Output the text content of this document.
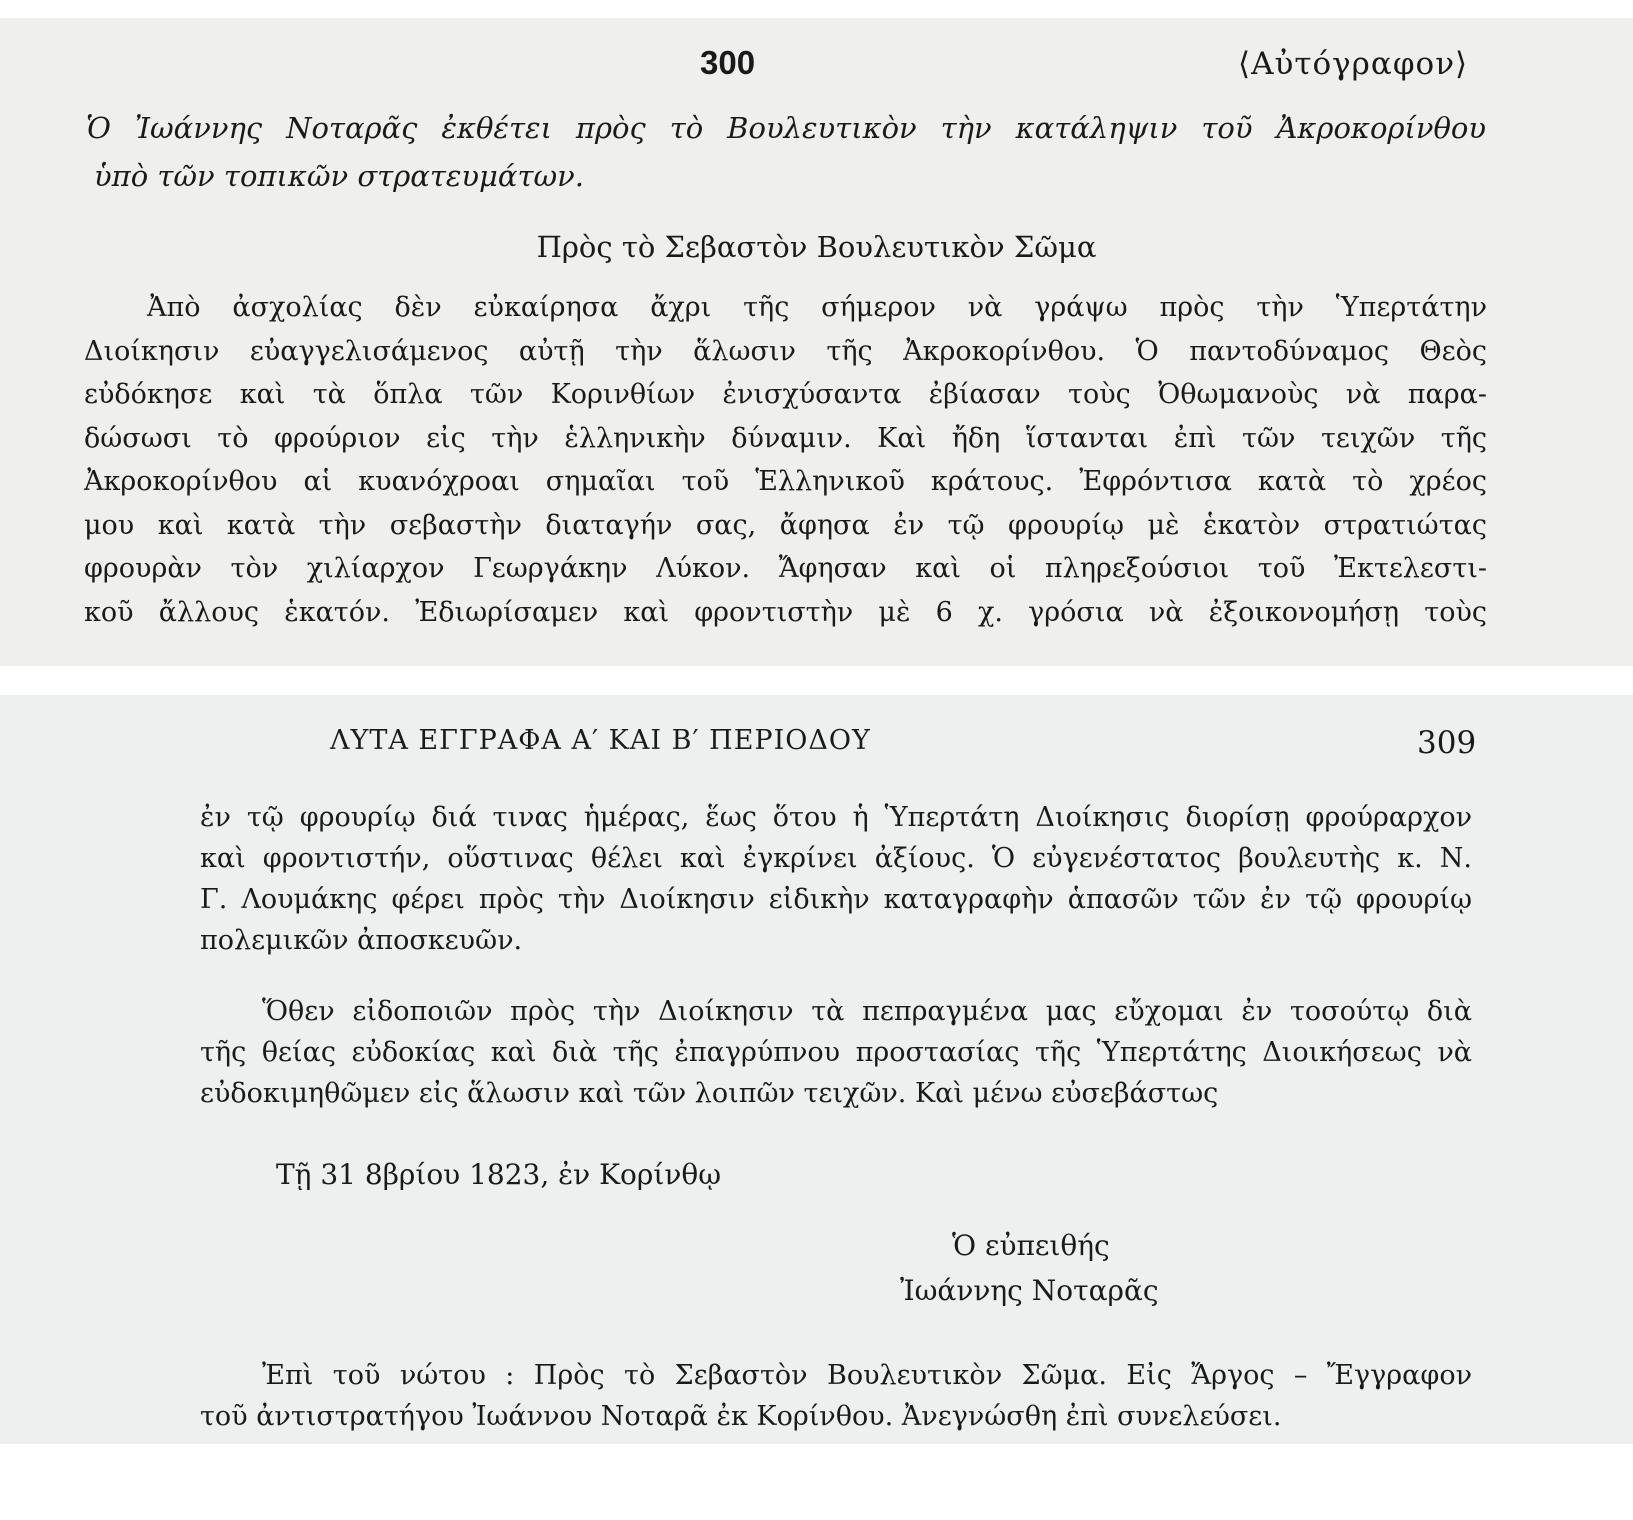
300	⟨Αὐτόγραφον⟩
Ὁ Ἰωάννης Νοταρᾶς ἐκθέτει πρὸς τὸ Βουλευτικὸν τὴν κατάληψιν τοῦ Ἀκροκορίνθου
ὑπὸ τῶν τοπικῶν στρατευμάτων.
Πρὸς τὸ Σεβαστὸν Βουλευτικὸν Σῶμα
Ἀπὸ ἀσχολίας δὲν εὐκαίρησα ἄχρι τῆς σήμερον νὰ γράψω πρὸς τὴν Ὑπερτάτην
Διοίκησιν εὐαγγελισάμενος αὐτῇ τὴν ἅλωσιν τῆς Ἀκροκορίνθου. Ὁ παντοδύναμος Θεὸς
εὐδόκησε καὶ τὰ ὅπλα τῶν Κορινθίων ἐνισχύσαντα ἐβίασαν τοὺς Ὀθωμανοὺς νὰ παρα-
δώσωσι τὸ φρούριον εἰς τὴν ἑλληνικὴν δύναμιν. Καὶ ἤδη ἵστανται ἐπὶ τῶν τειχῶν τῆς
Ἀκροκορίνθου αἱ κυανόχροαι σημαῖαι τοῦ Ἑλληνικοῦ κράτους. Ἐφρόντισα κατὰ τὸ χρέος
μου καὶ κατὰ τὴν σεβαστὴν διαταγήν σας, ἄφησα ἐν τῷ φρουρίῳ μὲ ἑκατὸν στρατιώτας
φρουρὰν τὸν χιλίαρχον Γεωργάκην Λύκον. Ἄφησαν καὶ οἱ πληρεξούσιοι τοῦ Ἐκτελεστι-
κοῦ ἄλλους ἑκατόν. Ἐδιωρίσαμεν καὶ φροντιστὴν μὲ 6 χ. γρόσια νὰ ἐξοικονομήσῃ τοὺς
ΛΥΤΑ ΕΓΓΡΑΦΑ Α′ ΚΑΙ Β′ ΠΕΡΙΟΔΟΥ	309
ἐν τῷ φρουρίῳ διά τινας ἡμέρας, ἕως ὅτου ἡ Ὑπερτάτη Διοίκησις διορίσῃ φρούραρχον
καὶ φροντιστήν, οὕστινας θέλει καὶ ἐγκρίνει ἀξίους. Ὁ εὐγενέστατος βουλευτὴς κ. Ν.
Γ. Λουμάκης φέρει πρὸς τὴν Διοίκησιν εἰδικὴν καταγραφὴν ἁπασῶν τῶν ἐν τῷ φρουρίῳ
πολεμικῶν ἀποσκευῶν.
Ὅθεν εἰδοποιῶν πρὸς τὴν Διοίκησιν τὰ πεπραγμένα μας εὔχομαι ἐν τοσούτῳ διὰ
τῆς θείας εὐδοκίας καὶ διὰ τῆς ἐπαγρύπνου προστασίας τῆς Ὑπερτάτης Διοικήσεως νὰ
εὐδοκιμηθῶμεν εἰς ἅλωσιν καὶ τῶν λοιπῶν τειχῶν. Καὶ μένω εὐσεβάστως
Τῇ 31 8βρίου 1823, ἐν Κορίνθῳ
Ὁ εὐπειθής
Ἰωάννης Νοταρᾶς
Ἐπὶ τοῦ νώτου : Πρὸς τὸ Σεβαστὸν Βουλευτικὸν Σῶμα. Εἰς Ἄργος – Ἔγγραφον
τοῦ ἀντιστρατήγου Ἰωάννου Νοταρᾶ ἐκ Κορίνθου. Ἀνεγνώσθη ἐπὶ συνελεύσει.
